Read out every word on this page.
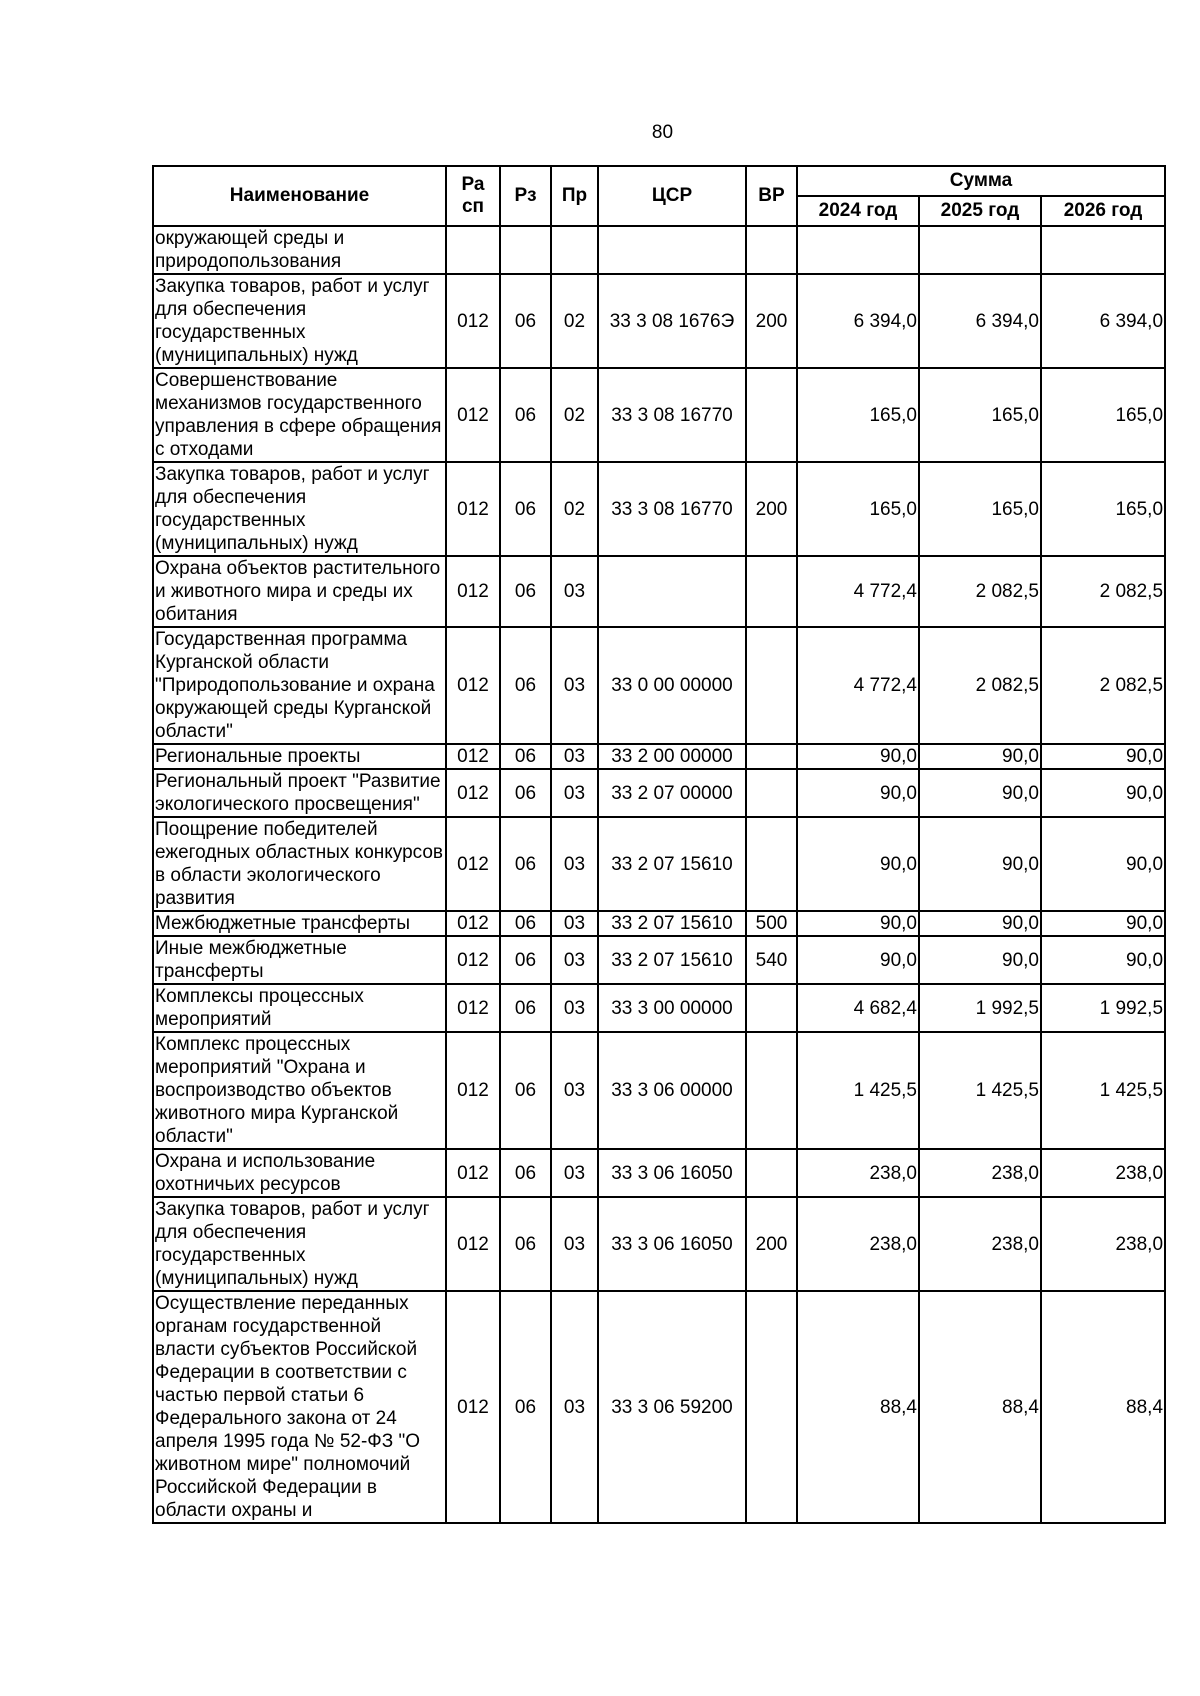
80
Наименование	Ра сп	Рз	Пр	ЦСР	ВР	Сумма		
						2024 год	2025 год	2026 год
окружающей среды и природопользования								
Закупка товаров, работ и услуг для обеспечения государственных (муниципальных) нужд	012	06	02	33 3 08 1676Э	200	6 394,0	6 394,0	6 394,0
Совершенствование механизмов государственного управления в сфере обращения с отходами	012	06	02	33 3 08 16770		165,0	165,0	165,0
Закупка товаров, работ и услуг для обеспечения государственных (муниципальных) нужд	012	06	02	33 3 08 16770	200	165,0	165,0	165,0
Охрана объектов растительного и животного мира и среды их обитания	012	06	03			4 772,4	2 082,5	2 082,5
Государственная программа Курганской области "Природопользование и охрана окружающей среды Курганской области"	012	06	03	33 0 00 00000		4 772,4	2 082,5	2 082,5
Региональные проекты	012	06	03	33 2 00 00000		90,0	90,0	90,0
Региональный проект "Развитие экологического просвещения"	012	06	03	33 2 07 00000		90,0	90,0	90,0
Поощрение победителей ежегодных областных конкурсов в области экологического развития	012	06	03	33 2 07 15610		90,0	90,0	90,0
Межбюджетные трансферты	012	06	03	33 2 07 15610	500	90,0	90,0	90,0
Иные межбюджетные трансферты	012	06	03	33 2 07 15610	540	90,0	90,0	90,0
Комплексы процессных мероприятий	012	06	03	33 3 00 00000		4 682,4	1 992,5	1 992,5
Комплекс процессных мероприятий "Охрана и воспроизводство объектов животного мира Курганской области"	012	06	03	33 3 06 00000		1 425,5	1 425,5	1 425,5
Охрана и использование охотничьих ресурсов	012	06	03	33 3 06 16050		238,0	238,0	238,0
Закупка товаров, работ и услуг для обеспечения государственных (муниципальных) нужд	012	06	03	33 3 06 16050	200	238,0	238,0	238,0
Осуществление переданных органам государственной власти субъектов Российской Федерации в соответствии с частью первой статьи 6 Федерального закона от 24 апреля 1995 года № 52-ФЗ "О животном мире" полномочий Российской Федерации в области охраны и	012	06	03	33 3 06 59200		88,4	88,4	88,4
